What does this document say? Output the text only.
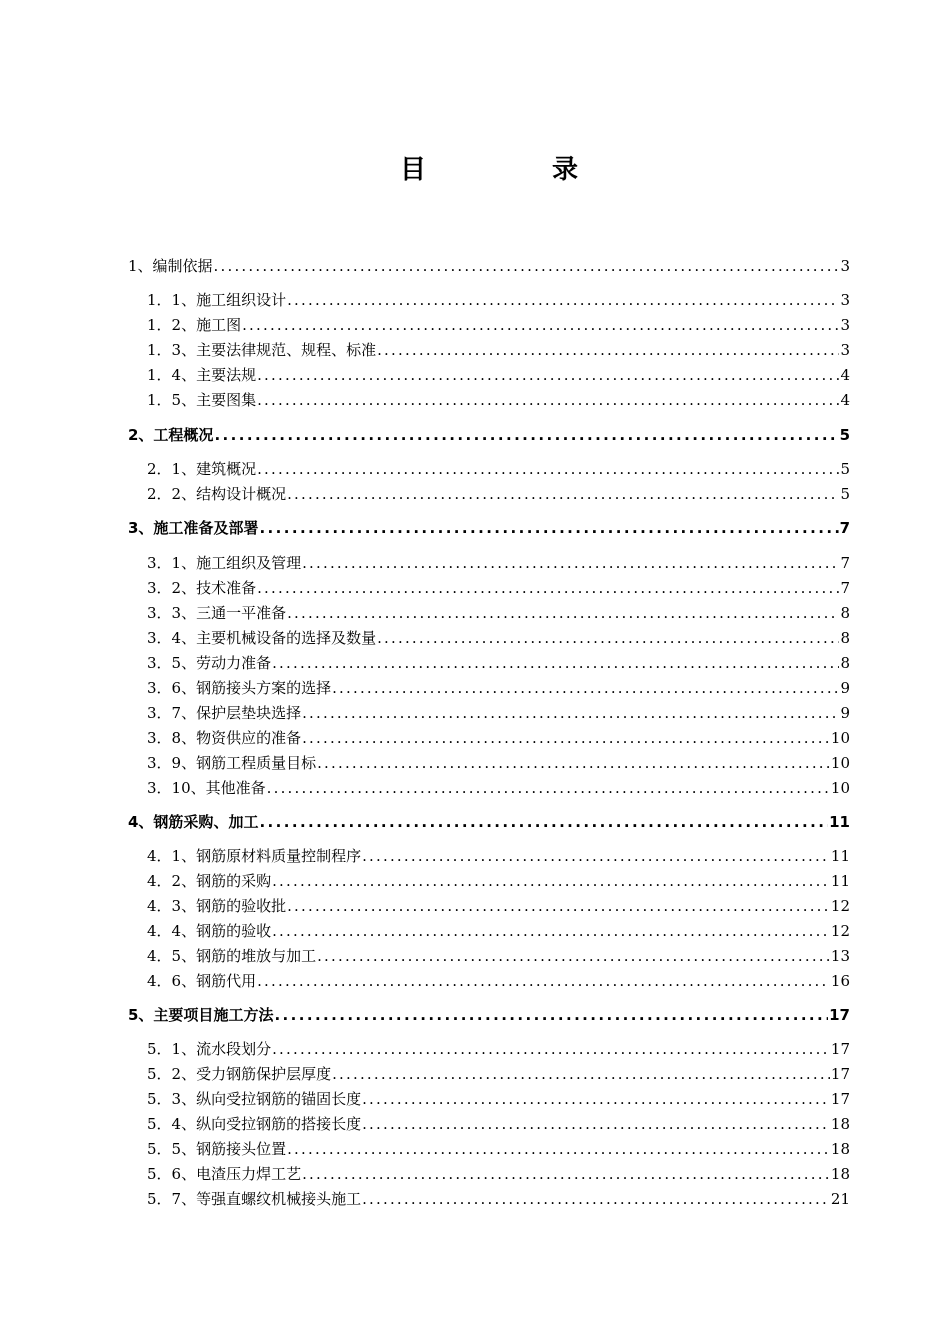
目	录
1、编制依据 .....	3
1．1、施工组织设计 .....	3
1．2、施工图 .....	3
1．3、主要法律规范、规程、标准 .....	3
1．4、主要法规 .....	4
1．5、主要图集 .....	4
2、工程概况 .....	5
2．1、建筑概况 .....	5
2．2、结构设计概况 .....	5
3、施工准备及部署 .....	7
3．1、施工组织及管理 .....	7
3．2、技术准备 .....	7
3．3、三通一平准备 .....	8
3．4、主要机械设备的选择及数量 .....	8
3．5、劳动力准备 .....	8
3．6、钢筋接头方案的选择 .....	9
3．7、保护层垫块选择 .....	9
3．8、物资供应的准备 .....	10
3．9、钢筋工程质量目标 .....	10
3．10、其他准备 .....	10
4、钢筋采购、加工 .....	11
4．1、钢筋原材料质量控制程序 .....	11
4．2、钢筋的采购 .....	11
4．3、钢筋的验收批 .....	12
4．4、钢筋的验收 .....	12
4．5、钢筋的堆放与加工 .....	13
4．6、钢筋代用 .....	16
5、主要项目施工方法 .....	17
5．1、流水段划分 .....	17
5．2、受力钢筋保护层厚度 .....	17
5．3、纵向受拉钢筋的锚固长度 .....	17
5．4、纵向受拉钢筋的搭接长度 .....	18
5．5、钢筋接头位置 .....	18
5．6、电渣压力焊工艺 .....	18
5．7、等强直螺纹机械接头施工 .....	21
